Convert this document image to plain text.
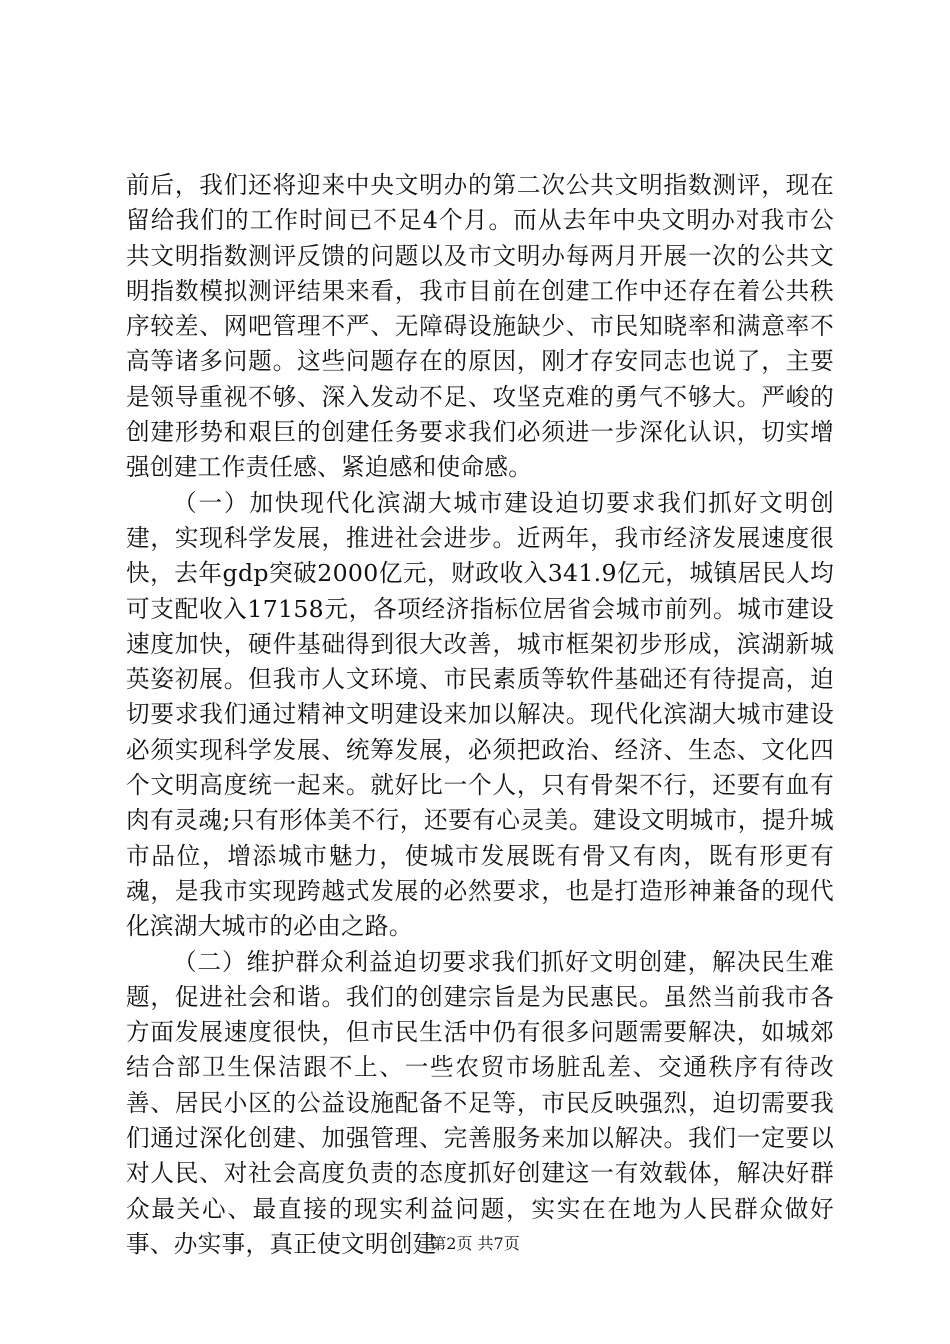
前后，我们还将迎来中央文明办的第二次公共文明指数测评，现在留给我们的工作时间已不足4个月。而从去年中央文明办对我市公共文明指数测评反馈的问题以及市文明办每两月开展一次的公共文明指数模拟测评结果来看，我市目前在创建工作中还存在着公共秩序较差、网吧管理不严、无障碍设施缺少、市民知晓率和满意率不高等诸多问题。这些问题存在的原因，刚才存安同志也说了，主要是领导重视不够、深入发动不足、攻坚克难的勇气不够大。严峻的创建形势和艰巨的创建任务要求我们必须进一步深化认识，切实增强创建工作责任感、紧迫感和使命感。

（一）加快现代化滨湖大城市建设迫切要求我们抓好文明创建，实现科学发展，推进社会进步。近两年，我市经济发展速度很快，去年gdp突破2000亿元，财政收入341.9亿元，城镇居民人均可支配收入17158元，各项经济指标位居省会城市前列。城市建设速度加快，硬件基础得到很大改善，城市框架初步形成，滨湖新城英姿初展。但我市人文环境、市民素质等软件基础还有待提高，迫切要求我们通过精神文明建设来加以解决。现代化滨湖大城市建设必须实现科学发展、统筹发展，必须把政治、经济、生态、文化四个文明高度统一起来。就好比一个人，只有骨架不行，还要有血有肉有灵魂;只有形体美不行，还要有心灵美。建设文明城市，提升城市品位，增添城市魅力，使城市发展既有骨又有肉，既有形更有魂，是我市实现跨越式发展的必然要求，也是打造形神兼备的现代化滨湖大城市的必由之路。

（二）维护群众利益迫切要求我们抓好文明创建，解决民生难题，促进社会和谐。我们的创建宗旨是为民惠民。虽然当前我市各方面发展速度很快，但市民生活中仍有很多问题需要解决，如城郊结合部卫生保洁跟不上、一些农贸市场脏乱差、交通秩序有待改善、居民小区的公益设施配备不足等，市民反映强烈，迫切需要我们通过深化创建、加强管理、完善服务来加以解决。我们一定要以对人民、对社会高度负责的态度抓好创建这一有效载体，解决好群众最关心、最直接的现实利益问题，实实在在地为人民群众做好事、办实事，真正使文明创建

第2页 共7页
